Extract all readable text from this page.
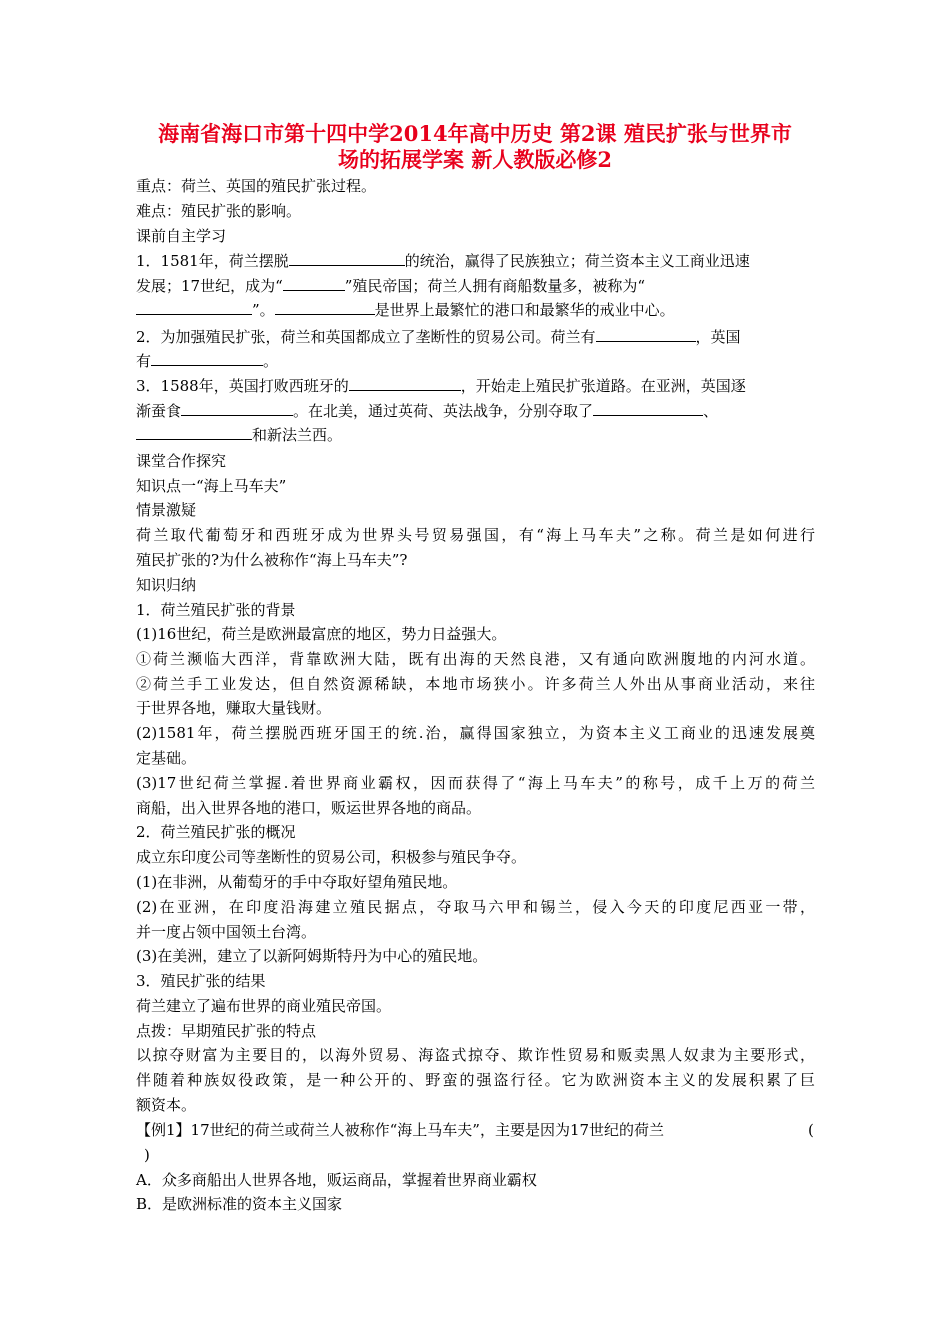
海南省海口市第十四中学2014年高中历史 第2课 殖民扩张与世界市
场的拓展学案 新人教版必修2
重点：荷兰、英国的殖民扩张过程。
难点：殖民扩张的影响。
课前自主学习
1．1581年，荷兰摆脱	的统治，赢得了民族独立；荷兰资本主义工商业迅速
发展；17世纪，成为“	”殖民帝国；荷兰人拥有商船数量多，被称为“
”。	是世界上最繁忙的港口和最繁华的戒业中心。
2．为加强殖民扩张，荷兰和英国都成立了垄断性的贸易公司。荷兰有	，英国
有	。
3．1588年，英国打败西班牙的	，开始走上殖民扩张道路。在亚洲，英国逐
渐蚕食	。在北美，通过英荷、英法战争，分别夺取了	、
和新法兰西。
课堂合作探究
知识点一“海上马车夫”
情景激疑
荷兰取代葡萄牙和西班牙成为世界头号贸易强国，有“海上马车夫”之称。荷兰是如何进行
殖民扩张的?为什么被称作“海上马车夫”?
知识归纳
1．荷兰殖民扩张的背景
(1)16世纪，荷兰是欧洲最富庶的地区，势力日益强大。
①荷兰濒临大西洋，背靠欧洲大陆，既有出海的天然良港，又有通向欧洲腹地的内河水道。
②荷兰手工业发达，但自然资源稀缺，本地市场狭小。许多荷兰人外出从事商业活动，来往
于世界各地，赚取大量钱财。
(2)1581年，荷兰摆脱西班牙国王的统.治，赢得国家独立，为资本主义工商业的迅速发展奠
定基础。
(3)17世纪荷兰掌握.着世界商业霸权，因而获得了“海上马车夫”的称号，成千上万的荷兰
商船，出入世界各地的港口，贩运世界各地的商品。
2．荷兰殖民扩张的概况
成立东印度公司等垄断性的贸易公司，积极参与殖民争夺。
(1)在非洲，从葡萄牙的手中夺取好望角殖民地。
(2)在亚洲，在印度沿海建立殖民据点，夺取马六甲和锡兰，侵入今天的印度尼西亚一带，
并一度占领中国领土台湾。
(3)在美洲，建立了以新阿姆斯特丹为中心的殖民地。
3．殖民扩张的结果
荷兰建立了遍布世界的商业殖民帝国。
点拨：早期殖民扩张的特点
以掠夺财富为主要目的，以海外贸易、海盗式掠夺、欺诈性贸易和贩卖黑人奴隶为主要形式，
伴随着种族奴役政策，是一种公开的、野蛮的强盗行径。它为欧洲资本主义的发展积累了巨
额资本。
【例1】17世纪的荷兰或荷兰人被称作“海上马车夫”，主要是因为17世纪的荷兰	(
)
A．众多商船出人世界各地，贩运商品，掌握着世界商业霸权
B．是欧洲标准的资本主义国家
